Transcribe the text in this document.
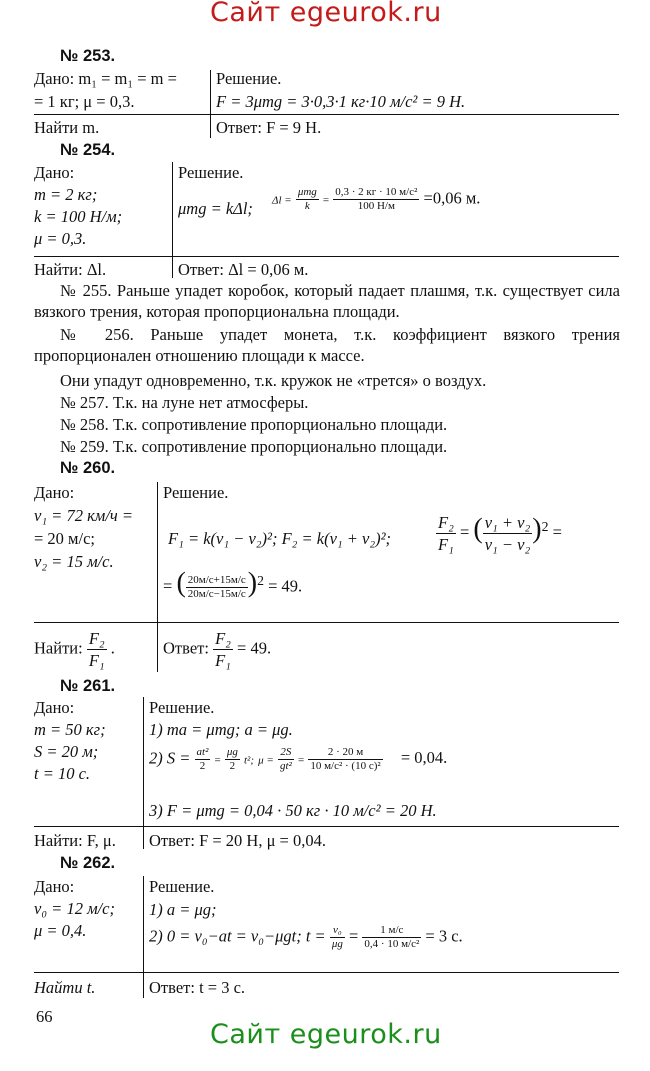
Сайт egeurok.ru
№ 253.
Дано: m₁ = m₁ = m =
= 1 кг; μ = 0,3.
Решение.
F = 3μmg = 3·0,3·1 кг·10 м/с² = 9 Н.
Найти m.	Ответ: F = 9 Н.
№ 254.
Дано:
m = 2 кг;
k = 100 Н/м;
μ = 0,3.
Решение.
μmg = kΔl; $\Delta l = \frac{\text{μmg}}{k} = \frac{\text{0,3 · 2 кг · 10 м/с²}}{100 Н/м} =0,06$ м.
Найти: Δl.	Ответ: Δl = 0,06 м.
№ 255. Раньше упадет коробок, который падает плашмя, т.к. существует сила вязкого трения, которая пропорциональна площади.
№ 256. Раньше упадет монета, т.к. коэффициент вязкого трения пропорционален отношению площади к массе.
Они упадут одновременно, т.к. кружок не «трется» о воздух.
№ 257. Т.к. на луне нет атмосферы.
№ 258. Т.к. сопротивление пропорционально площади.
№ 259. Т.к. сопротивление пропорционально площади.
№ 260.
Дано:
v₁ = 72 км/ч =
= 20 м/с;
v₂ = 15 м/с.
Решение.
F₁ = k(v₁ − v₂)²; F₂ = k(v₁ + v₂)²;	$\frac{\text{F₂}}{\text{F₁}}$ = ( $\frac{\text{v₁ + v₂}}{\text{v₁ − v₂}} )^2$ =
= ( $\frac{20м/с+15м/с}{20м/с-15м/с} )^2 = 49$.
Найти: $\frac{\text{F₂}}{\text{F₁}}$ .	Ответ: $\frac{\text{F₂}}{\text{F₁}} = 49$.
№ 261.
Дано:
m = 50 кг;
S = 20 м;
t = 10 с.
Решение.
1) ma = μmg; a = μg.
2) $S = \frac{\text{at²}}{2} = \frac{\mu g}{2} t^2$; $\mu = \frac{2S}{\text{gt²}} = \frac{2 \cdot 20 м}{\text{10 м/с² · (10 с)²}} = 0,04$.
3) F = μmg = 0,04 · 50 кг · 10 м/с² = 20 Н.
Найти: F, μ. Ответ: F = 20 Н, μ = 0,04.
№ 262.
Дано:
v₀ = 12 м/с;
μ = 0,4.
Решение.
1) a = μg;
2) 0 = v₀−at = v₀−μgt; $t = \frac{\text{v₀}}{\mu g} = \frac{1 м/с}{\text{0,4 · 10 м/с²}} = 3$ с.
Найти t.	Ответ: t = 3 с.
66
Сайт egeurok.ru
